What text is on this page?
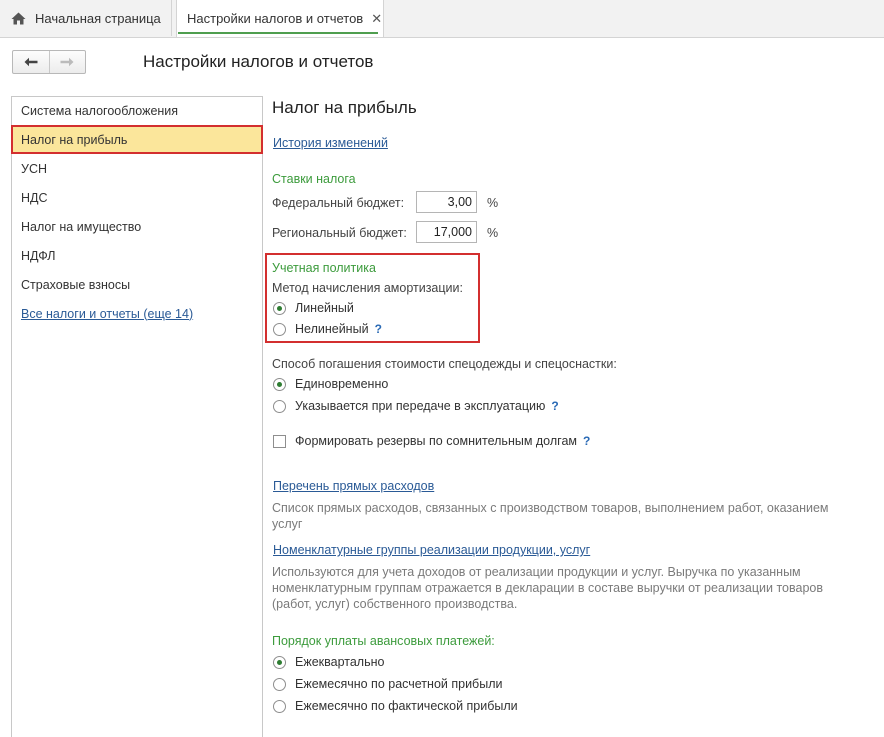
Начальная страница Настройки налогов и отчетов ✕
Настройки налогов и отчетов
Система налогообложения
Налог на прибыль
УСН
НДС
Налог на имущество
НДФЛ
Страховые взносы
Все налоги и отчеты (еще 14)
Налог на прибыль
История изменений
Ставки налога
Федеральный бюджет:
3,00	%
Региональный бюджет:
17,000	%
Учетная политика
Метод начисления амортизации:
Линейный
Нелинейный ?
Способ погашения стоимости спецодежды и спецоснастки:
Единовременно
Указывается при передаче в эксплуатацию ?
Формировать резервы по сомнительным долгам ?
Перечень прямых расходов
Список прямых расходов, связанных с производством товаров, выполнением работ, оказанием услуг
Номенклатурные группы реализации продукции, услуг
Используются для учета доходов от реализации продукции и услуг. Выручка по указанным номенклатурным группам отражается в декларации в составе выручки от реализации товаров (работ, услуг) собственного производства.
Порядок уплаты авансовых платежей:
Ежеквартально
Ежемесячно по расчетной прибыли
Ежемесячно по фактической прибыли
